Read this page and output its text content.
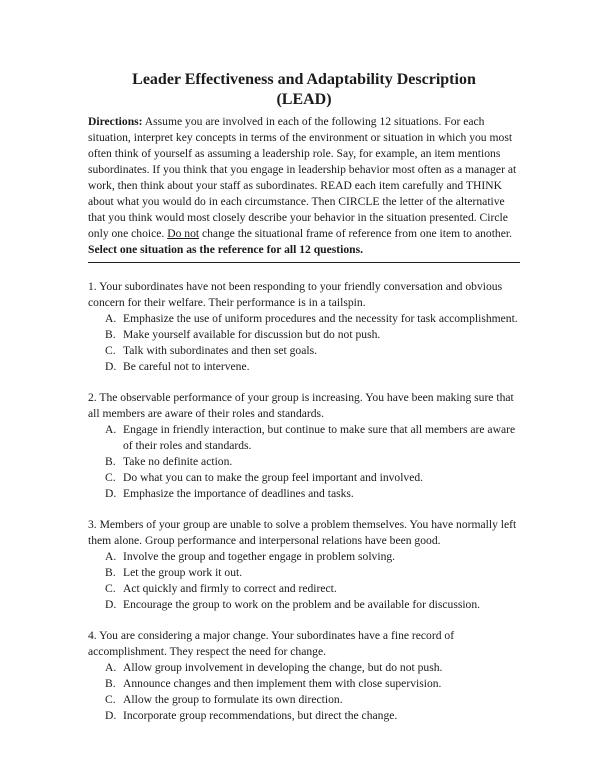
Leader Effectiveness and Adaptability Description
(LEAD)

Directions: Assume you are involved in each of the following 12 situations. For each situation, interpret key concepts in terms of the environment or situation in which you most often think of yourself as assuming a leadership role. Say, for example, an item mentions subordinates. If you think that you engage in leadership behavior most often as a manager at work, then think about your staff as subordinates. READ each item carefully and THINK about what you would do in each circumstance. Then CIRCLE the letter of the alternative that you think would most closely describe your behavior in the situation presented. Circle only one choice. Do not change the situational frame of reference from one item to another. Select one situation as the reference for all 12 questions.

1. Your subordinates have not been responding to your friendly conversation and obvious concern for their welfare. Their performance is in a tailspin.

A. Emphasize the use of uniform procedures and the necessity for task accomplishment.
B. Make yourself available for discussion but do not push.
C. Talk with subordinates and then set goals.
D. Be careful not to intervene.

2. The observable performance of your group is increasing. You have been making sure that all members are aware of their roles and standards.

A. Engage in friendly interaction, but continue to make sure that all members are aware of their roles and standards.
B. Take no definite action.
C. Do what you can to make the group feel important and involved.
D. Emphasize the importance of deadlines and tasks.

3. Members of your group are unable to solve a problem themselves. You have normally left them alone. Group performance and interpersonal relations have been good.

A. Involve the group and together engage in problem solving.
B. Let the group work it out.
C. Act quickly and firmly to correct and redirect.
D. Encourage the group to work on the problem and be available for discussion.

4. You are considering a major change. Your subordinates have a fine record of accomplishment. They respect the need for change.

A. Allow group involvement in developing the change, but do not push.
B. Announce changes and then implement them with close supervision.
C. Allow the group to formulate its own direction.
D. Incorporate group recommendations, but direct the change.
